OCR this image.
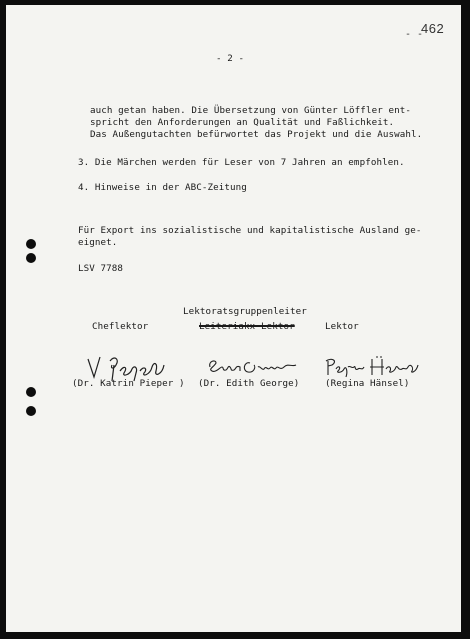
- -
462
- 2 -
auch getan haben. Die Übersetzung von Günter Löffler ent-
spricht den Anforderungen an Qualität und Faßlichkeit.
Das Außengutachten befürwortet das Projekt und die Auswahl.
3. Die Märchen werden für Leser von 7 Jahren an empfohlen.
4. Hinweise in der ABC-Zeitung
Für Export ins sozialistische und kapitalistische Ausland ge-
eignet.
LSV 7788
Lektoratsgruppenleiter
Cheflektor	Leiteriakx Lektor	Lektor
(Dr. Katrin Pieper ) (Dr. Edith George)	(Regina Hänsel)
